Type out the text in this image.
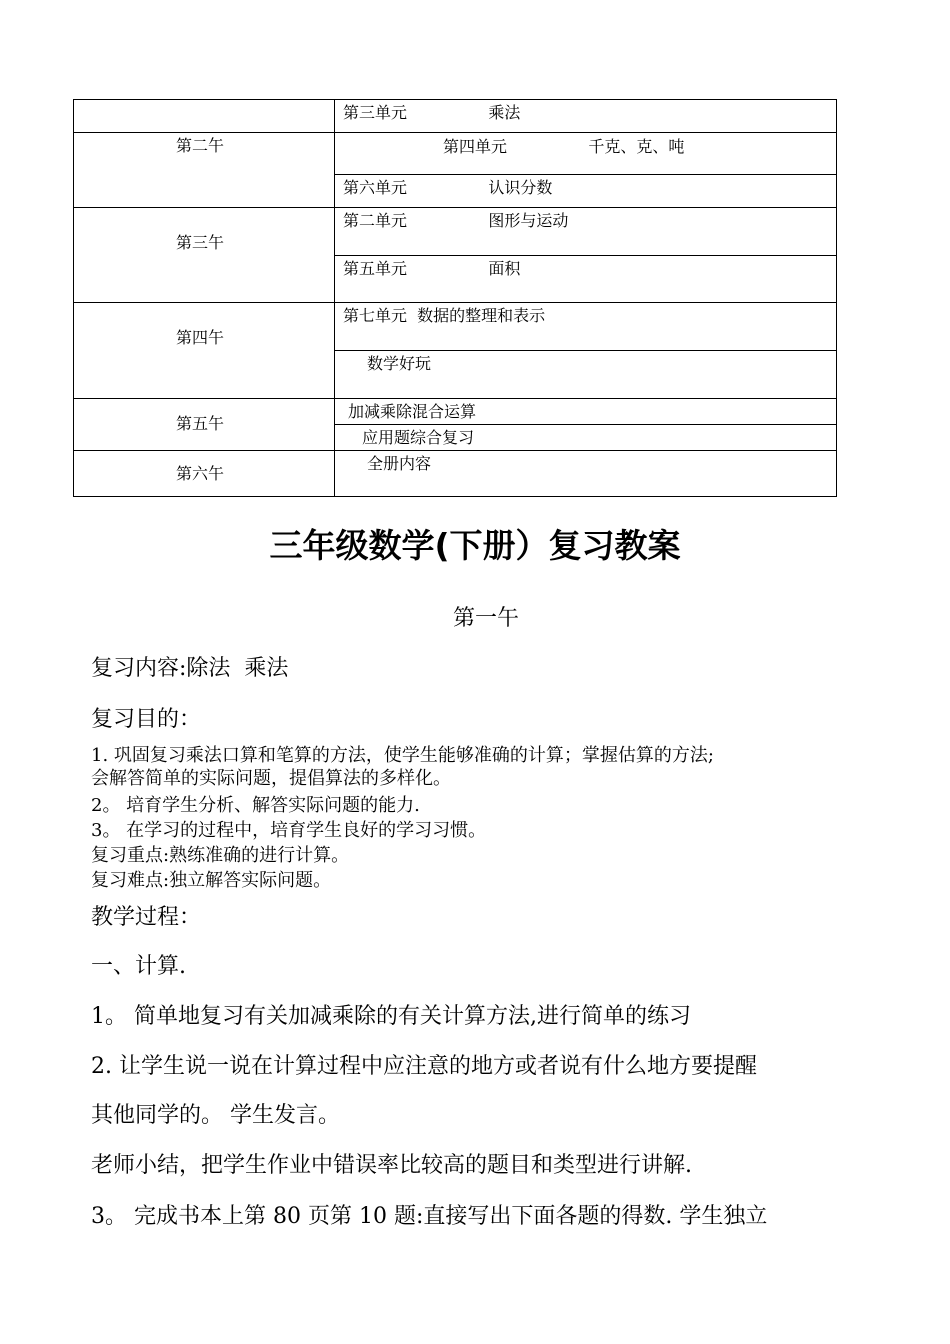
第二午
第三午
第四午
第五午
第六午
第三单元                乘法
第四单元                千克、克、吨
第六单元                认识分数
第二单元                图形与运动
第五单元                面积
第七单元  数据的整理和表示
数学好玩
加减乘除混合运算
应用题综合复习
全册内容
三年级数学(下册）复习教案
第一午
复习内容:除法  乘法
复习目的：
1. 巩固复习乘法口算和笔算的方法，使学生能够准确的计算；掌握估算的方法;
会解答简单的实际问题，提倡算法的多样化。
2。 培育学生分析、解答实际问题的能力.
3。 在学习的过程中，培育学生良好的学习习惯。
复习重点:熟练准确的进行计算。
复习难点:独立解答实际问题。
教学过程：
一、计算.
1。 简单地复习有关加减乘除的有关计算方法,进行简单的练习
2. 让学生说一说在计算过程中应注意的地方或者说有什么地方要提醒
其他同学的。 学生发言。
老师小结，把学生作业中错误率比较高的题目和类型进行讲解.
3。 完成书本上第 80 页第 10 题:直接写出下面各题的得数. 学生独立
